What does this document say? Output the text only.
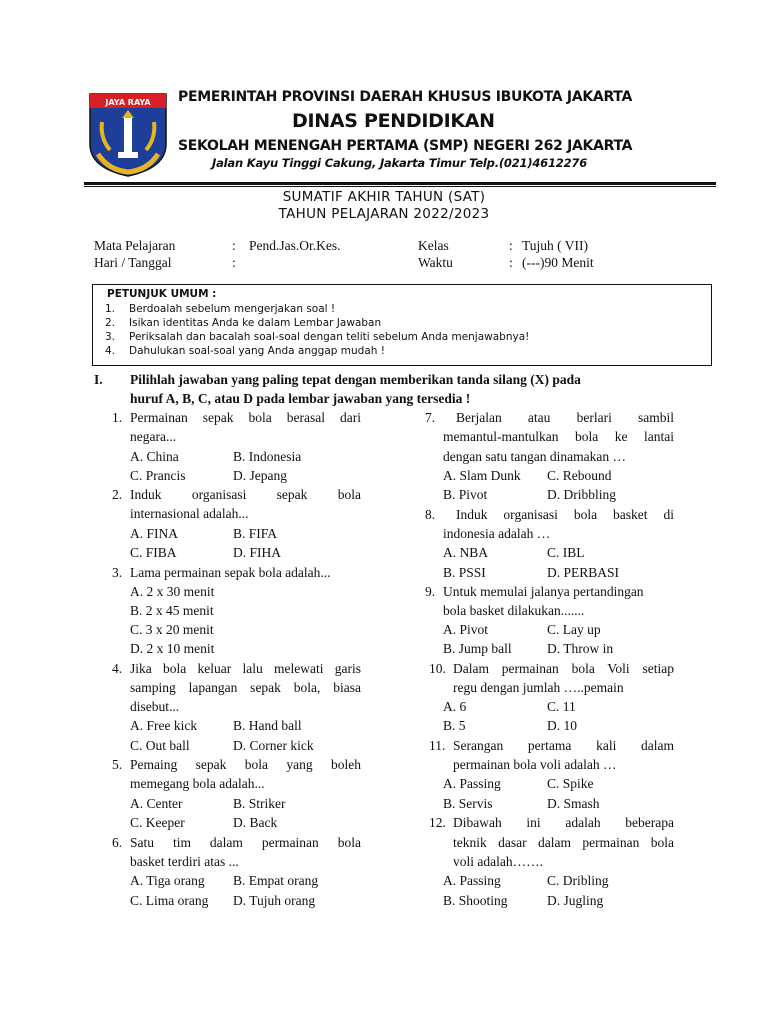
JAYA RAYA PEMERINTAH PROVINSI DAERAH KHUSUS IBUKOTA JAKARTA
DINAS PENDIDIKAN
SEKOLAH MENENGAH PERTAMA (SMP) NEGERI 262 JAKARTA
Jalan Kayu Tinggi Cakung, Jakarta Timur Telp.(021)4612276
SUMATIF AKHIR TAHUN (SAT)
TAHUN PELAJARAN 2022/2023
Mata Pelajaran	: Pend.Jas.Or.Kes.	Kelas	: Tujuh ( VII)
Hari / Tanggal	:	Waktu	: (---)90 Menit
PETUNJUK UMUM :
1. Berdoalah sebelum mengerjakan soal !
2. Isikan identitas Anda ke dalam Lembar Jawaban
3. Periksalah dan bacalah soal-soal dengan teliti sebelum Anda menjawabnya!
4. Dahulukan soal-soal yang Anda anggap mudah !
I. Pilihlah jawaban yang paling tepat dengan memberikan tanda silang (X) pada
huruf A, B, C, atau D pada lembar jawaban yang tersedia !
1. Permainan sepak bola berasal dari
negara...
A. China	B. Indonesia
C. Prancis	D. Jepang
2. Induk organisasi sepak bola
internasional adalah...
A. FINA	B. FIFA
C. FIBA	D. FIHA
3. Lama permainan sepak bola adalah...
A. 2 x 30 menit
B. 2 x 45 menit
C. 3 x 20 menit
D. 2 x 10 menit
4. Jika bola keluar lalu melewati garis
samping lapangan sepak bola, biasa
disebut...
A. Free kick	B. Hand ball
C. Out ball	D. Corner kick
5. Pemaing sepak bola yang boleh
memegang bola adalah...
A. Center	B. Striker
C. Keeper	D. Back
6. Satu tim dalam permainan bola
basket terdiri atas ...
A. Tiga orang B. Empat orang
C. Lima orang D. Tujuh orang
7. Berjalan atau berlari sambil
memantul-mantulkan bola ke lantai
dengan satu tangan dinamakan …
A. Slam Dunk C. Rebound
B. Pivot	D. Dribbling
8. Induk organisasi bola basket di
indonesia adalah …
A. NBA	C. IBL
B. PSSI	D. PERBASI
9. Untuk memulai jalanya pertandingan
bola basket dilakukan.......
A. Pivot	C. Lay up
B. Jump ball	D. Throw in
10. Dalam permainan bola Voli setiap
regu dengan jumlah …..pemain
A. 6	C. 11
B. 5	D. 10
11. Serangan pertama kali dalam
permainan bola voli adalah …
A. Passing	C. Spike
B. Servis	D. Smash
12. Dibawah ini adalah beberapa
teknik dasar dalam permainan bola
voli adalah…….
A. Passing	C. Dribling
B. Shooting	D. Jugling
